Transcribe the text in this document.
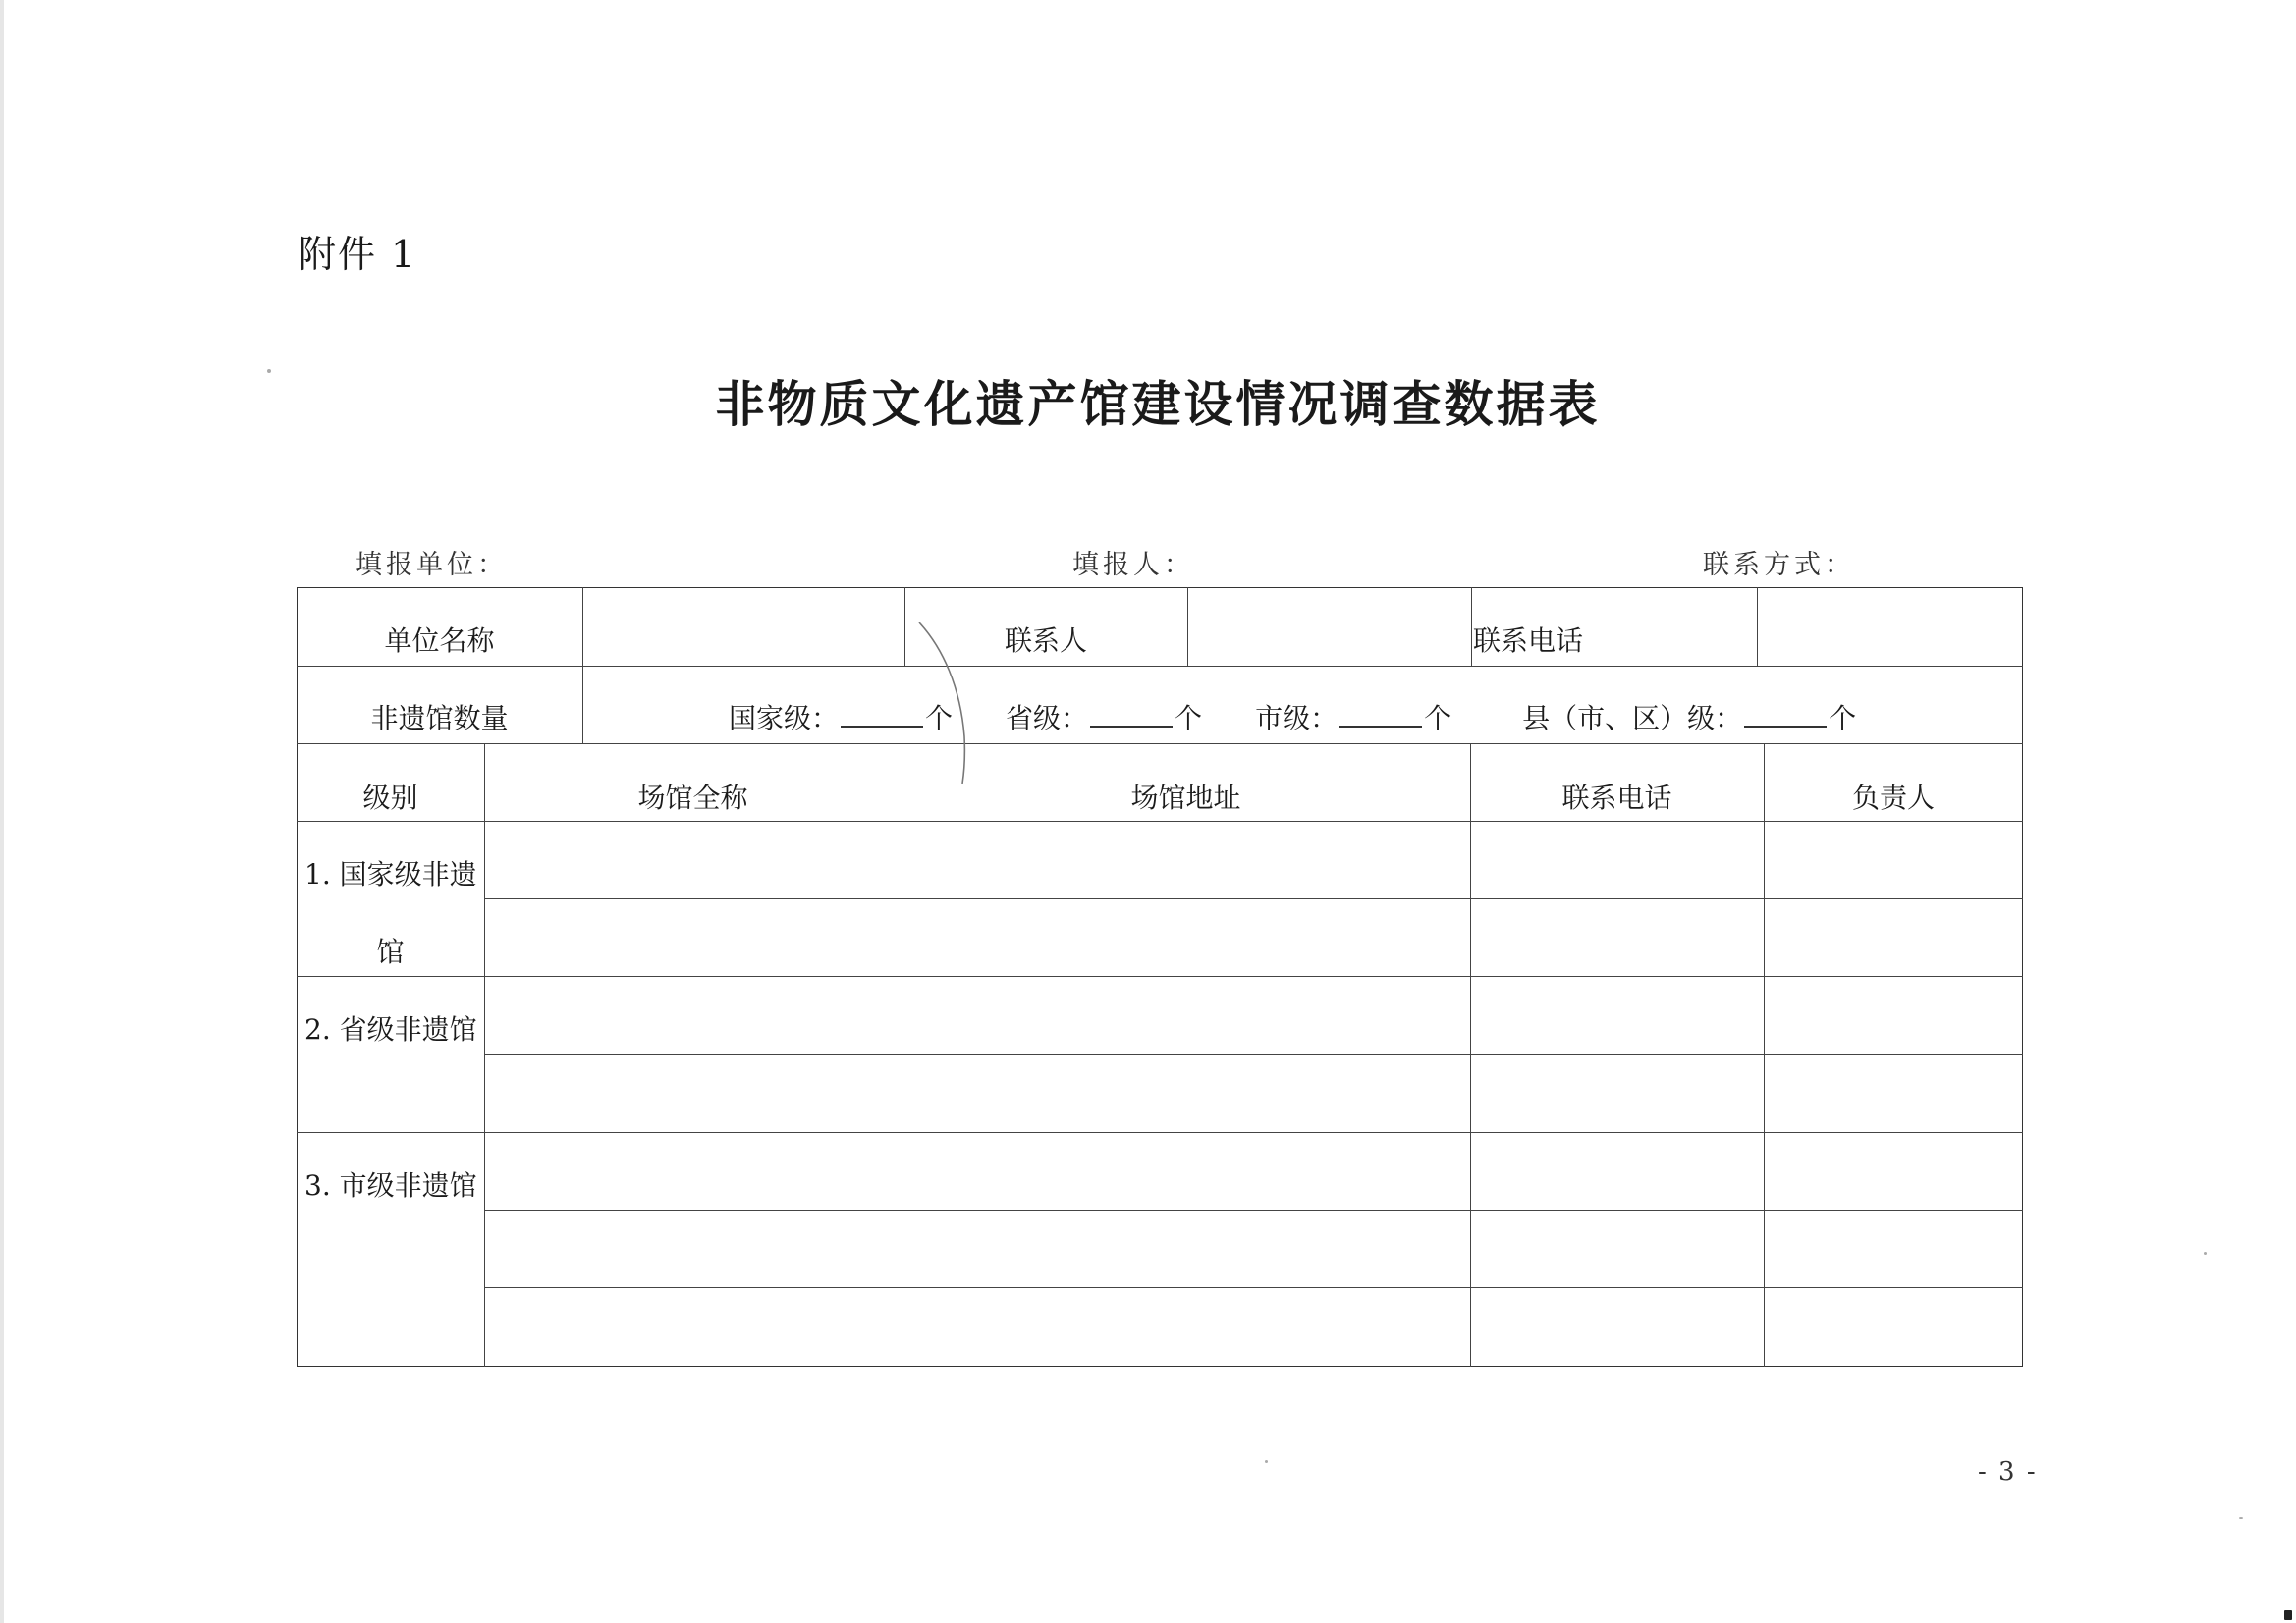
附件 1
非物质文化遗产馆建设情况调查数据表
填报单位：	填报人：	联系方式：
单位名称	联系人	联系电话
非遗馆数量	国家级：	个 省级：	个 市级：	个	县（市、区）级：	个
级别	场馆全称	场馆地址	联系电话	负责人
1. 国家级非遗
馆
2. 省级非遗馆
3. 市级非遗馆
- 3 -
